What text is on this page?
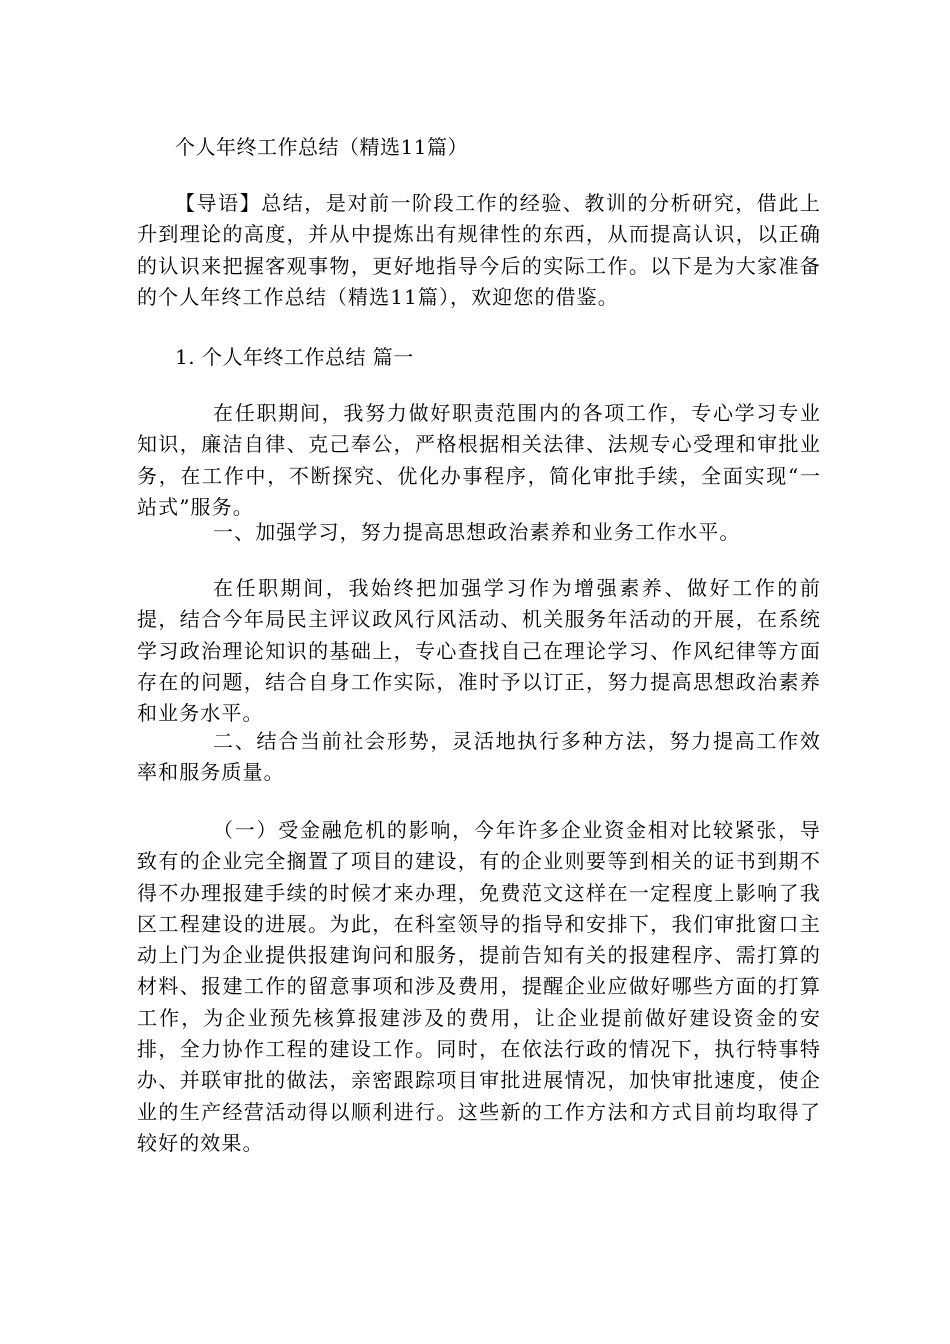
个人年终工作总结（精选11篇）
【导语】总结，是对前一阶段工作的经验、教训的分析研究，借此上升到理论的高度，并从中提炼出有规律性的东西，从而提高认识，以正确的认识来把握客观事物，更好地指导今后的实际工作。以下是为大家准备的个人年终工作总结（精选11篇），欢迎您的借鉴。
1. 个人年终工作总结 篇一
在任职期间，我努力做好职责范围内的各项工作，专心学习专业知识，廉洁自律、克己奉公，严格根据相关法律、法规专心受理和审批业务，在工作中，不断探究、优化办事程序，简化审批手续，全面实现“一站式”服务。
一、加强学习，努力提高思想政治素养和业务工作水平。
在任职期间，我始终把加强学习作为增强素养、做好工作的前提，结合今年局民主评议政风行风活动、机关服务年活动的开展，在系统学习政治理论知识的基础上，专心查找自己在理论学习、作风纪律等方面存在的问题，结合自身工作实际，准时予以订正，努力提高思想政治素养和业务水平。
二、结合当前社会形势，灵活地执行多种方法，努力提高工作效率和服务质量。
（一）受金融危机的影响，今年许多企业资金相对比较紧张，导致有的企业完全搁置了项目的建设，有的企业则要等到相关的证书到期不得不办理报建手续的时候才来办理，免费范文这样在一定程度上影响了我区工程建设的进展。为此，在科室领导的指导和安排下，我们审批窗口主动上门为企业提供报建询问和服务，提前告知有关的报建程序、需打算的材料、报建工作的留意事项和涉及费用，提醒企业应做好哪些方面的打算工作，为企业预先核算报建涉及的费用，让企业提前做好建设资金的安排，全力协作工程的建设工作。同时，在依法行政的情况下，执行特事特办、并联审批的做法，亲密跟踪项目审批进展情况，加快审批速度，使企业的生产经营活动得以顺利进行。这些新的工作方法和方式目前均取得了较好的效果。
